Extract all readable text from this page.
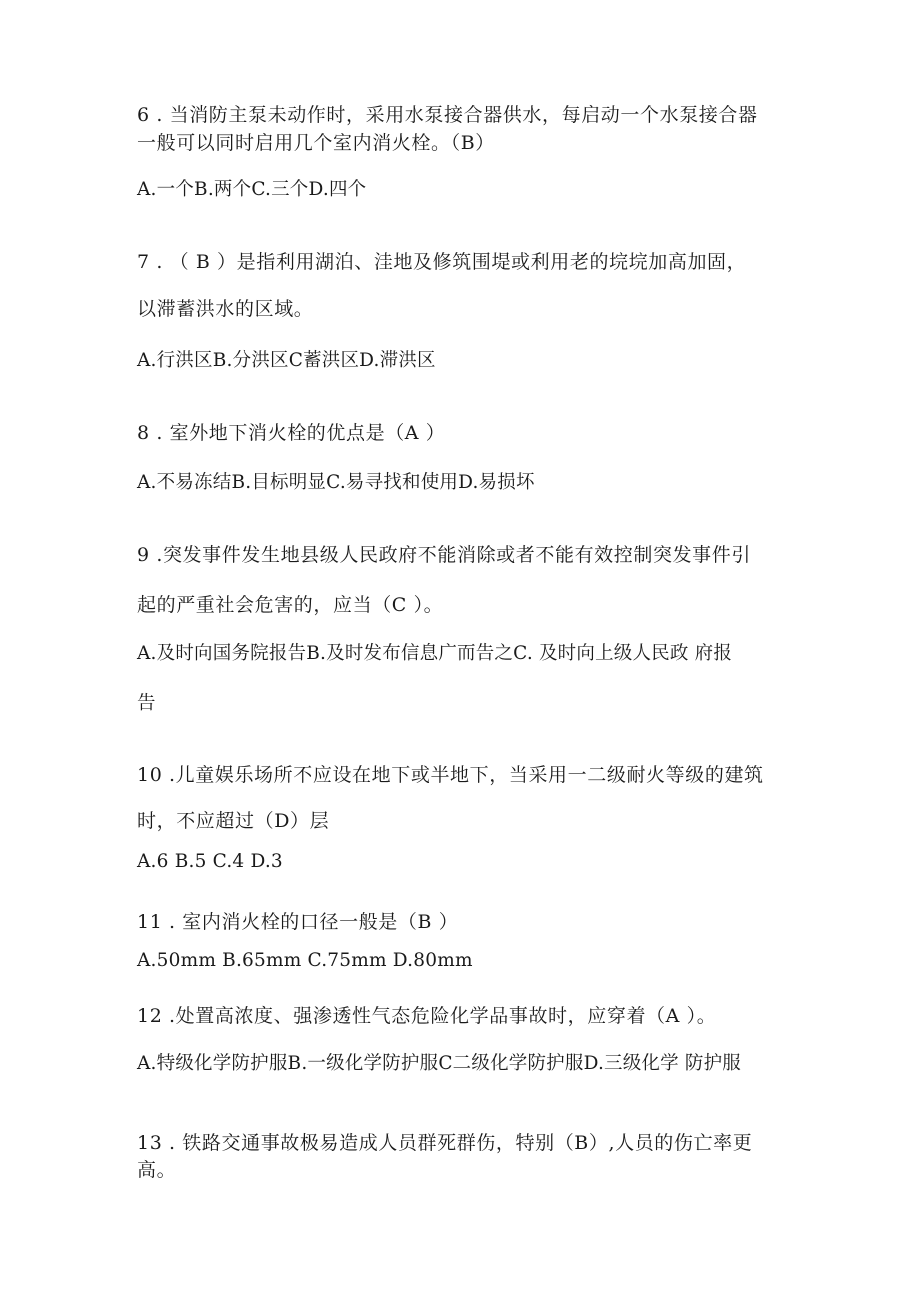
6 . 当消防主泵未动作时，采用水泵接合器供水，每启动一个水泵接合器
一般可以同时启用几个室内消火栓。（B）
A.一个B.两个C.三个D.四个
7 . （ B ）是指利用湖泊、洼地及修筑围堤或利用老的垸垸加高加固，
以滞蓄洪水的区域。
A.行洪区B.分洪区C蓄洪区D.滞洪区
8 . 室外地下消火栓的优点是（A ）
A.不易冻结B.目标明显C.易寻找和使用D.易损坏
9 .突发事件发生地县级人民政府不能消除或者不能有效控制突发事件引
起的严重社会危害的，应当（C ）。
A.及时向国务院报告B.及时发布信息广而告之C. 及时向上级人民政 府报
告
10 .儿童娱乐场所不应设在地下或半地下，当采用一二级耐火等级的建筑
时，不应超过（D）层
A.6 B.5 C.4 D.3
11 . 室内消火栓的口径一般是（B ）
A.50mm B.65mm C.75mm D.80mm
12 .处置高浓度、强渗透性气态危险化学品事故时，应穿着（A ）。
A.特级化学防护服B.一级化学防护服C二级化学防护服D.三级化学 防护服
13 . 铁路交通事故极易造成人员群死群伤，特别（B）,人员的伤亡率更
高。
